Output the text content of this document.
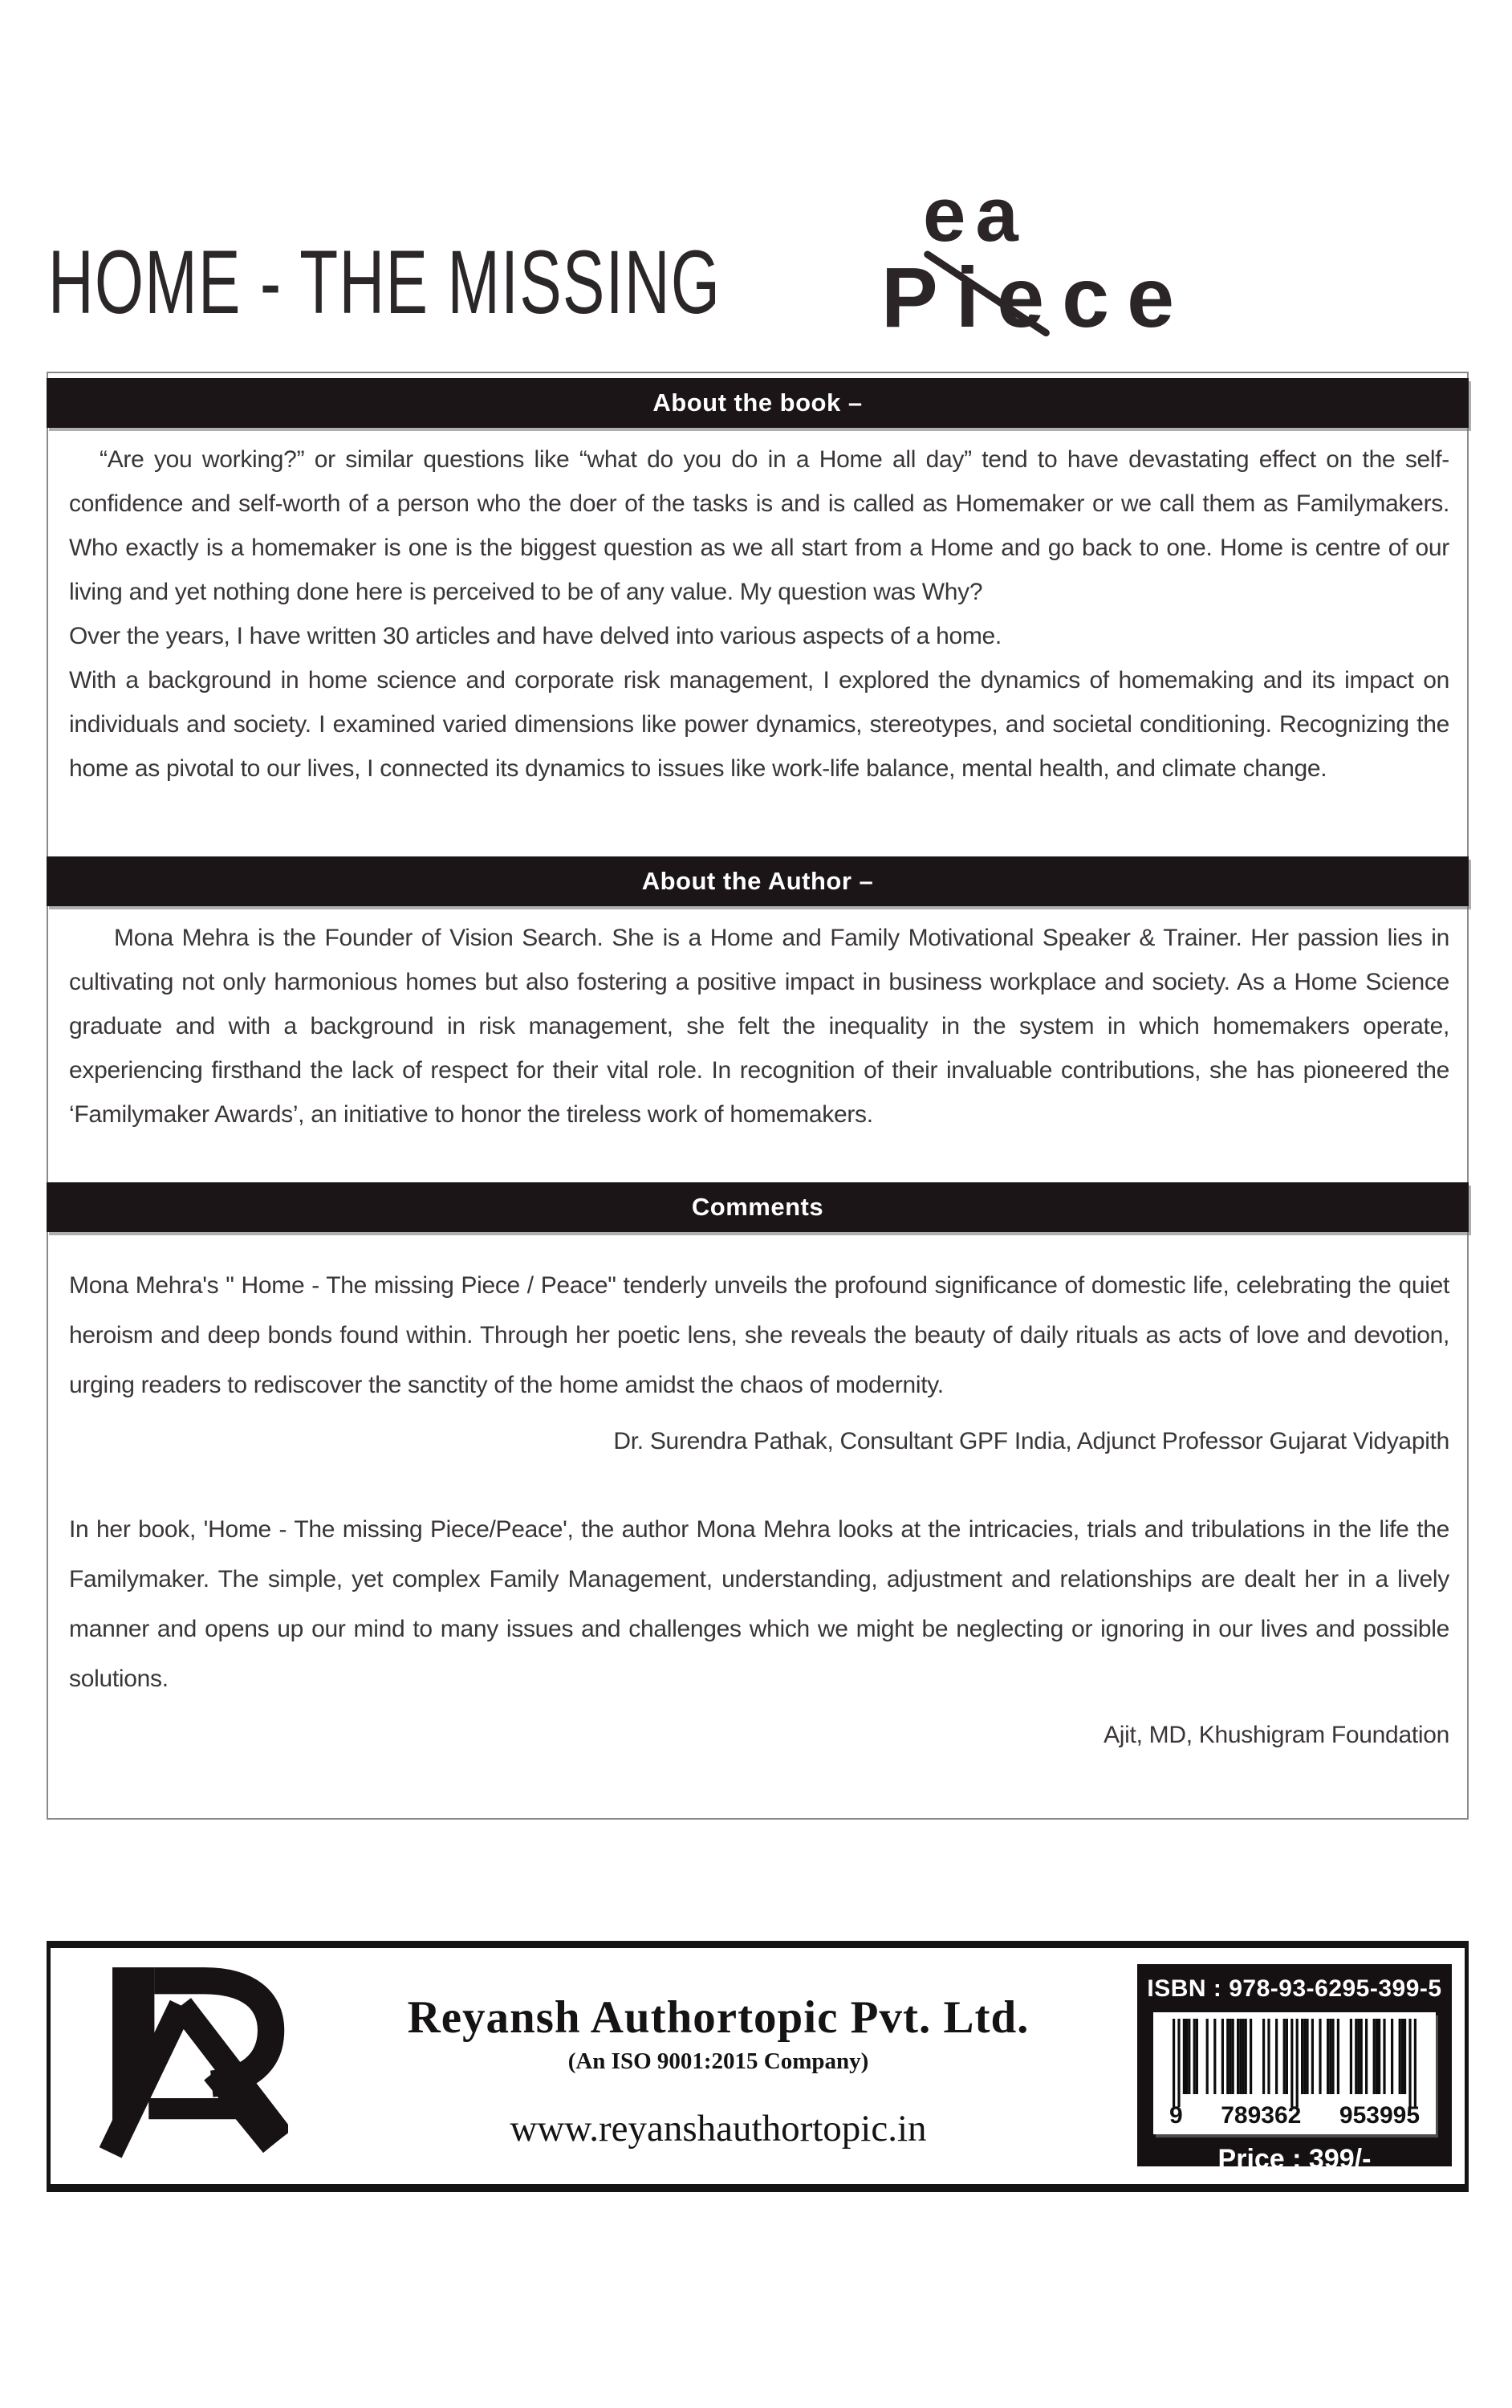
HOME - THE MISSING
ea
Piece
About the book –

“Are you working?” or similar questions like “what do you do in a Home all day” tend to have devastating effect on the self-confidence and self-worth of a person who the doer of the tasks is and is called as Homemaker or we call them as Familymakers. Who exactly is a homemaker is one is the biggest question as we all start from a Home and go back to one. Home is centre of our living and yet nothing done here is perceived to be of any value. My question was Why?

Over the years, I have written 30 articles and have delved into various aspects of a home.

With a background in home science and corporate risk management, I explored the dynamics of homemaking and its impact on individuals and society. I examined varied dimensions like power dynamics, stereotypes, and societal conditioning. Recognizing the home as pivotal to our lives, I connected its dynamics to issues like work-life balance, mental health, and climate change.

About the Author –

Mona Mehra is the Founder of Vision Search. She is a Home and Family Motivational Speaker & Trainer. Her passion lies in cultivating not only harmonious homes but also fostering a positive impact in business workplace and society. As a Home Science graduate and with a background in risk management, she felt the inequality in the system in which homemakers operate, experiencing firsthand the lack of respect for their vital role. In recognition of their invaluable contributions, she has pioneered the ‘Familymaker Awards’, an initiative to honor the tireless work of homemakers.

Comments

Mona Mehra's " Home - The missing Piece / Peace" tenderly unveils the profound significance of domestic life, celebrating the quiet heroism and deep bonds found within. Through her poetic lens, she reveals the beauty of daily rituals as acts of love and devotion, urging readers to rediscover the sanctity of the home amidst the chaos of modernity.

Dr. Surendra Pathak, Consultant GPF India, Adjunct Professor Gujarat Vidyapith

In her book, 'Home - The missing Piece/Peace', the author Mona Mehra looks at the intricacies, trials and tribulations in the life the Familymaker. The simple, yet complex Family Management, understanding, adjustment and relationships are dealt her in a lively manner and opens up our mind to many issues and challenges which we might be neglecting or ignoring in our lives and possible solutions.

Ajit, MD, Khushigram Foundation

Reyansh Authortopic Pvt. Ltd.
(An ISO 9001:2015 Company)
www.reyanshauthortopic.in
ISBN : 978-93-6295-399-5
9 789362 953995
Price : 399/-
